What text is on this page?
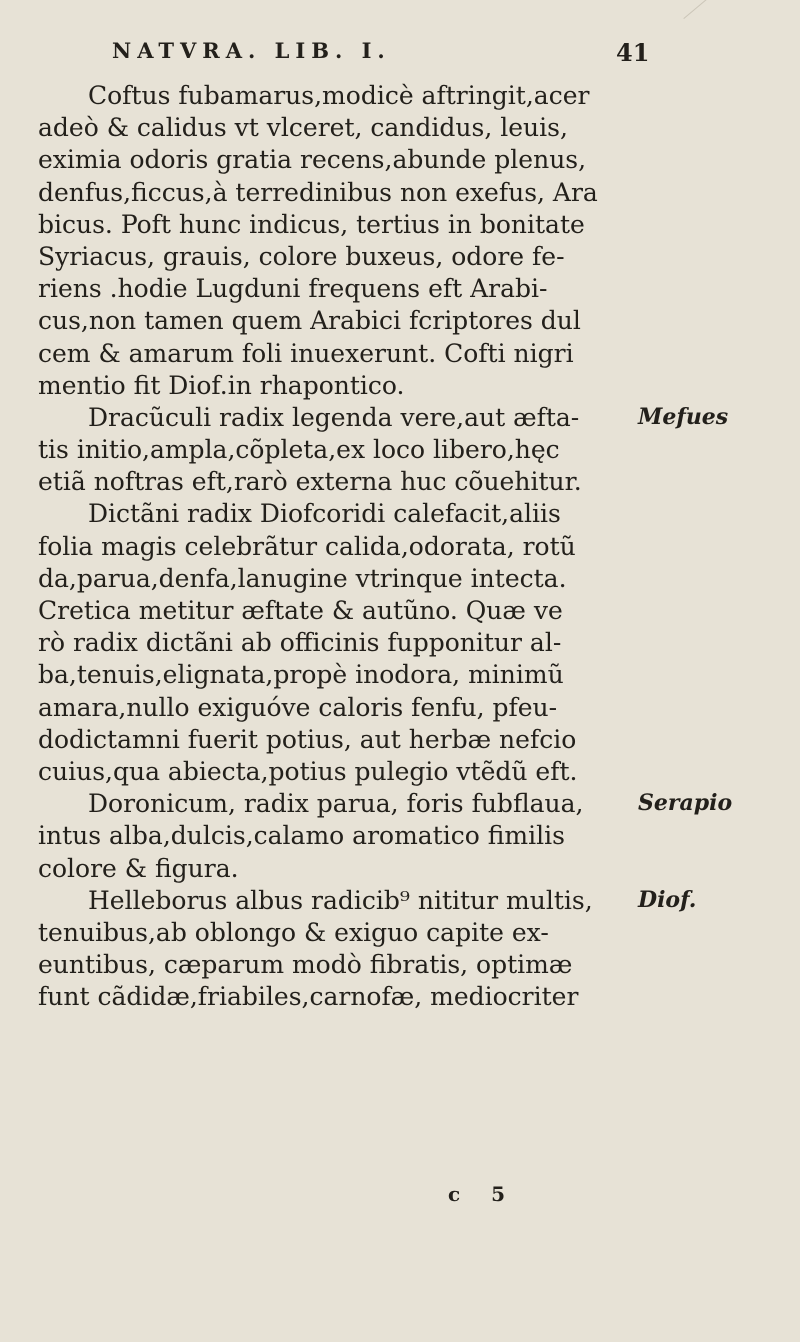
NATVRA. LIB. I.	41
Coftus fubamarus,modicè aftringit,acer
adeò & calidus vt vlceret, candidus, leuis,
eximia odoris gratia recens,abunde plenus,
denfus,ficcus,à terredinibus non exefus, Ara
bicus. Poft hunc indicus, tertius in bonitate
Syriacus, grauis, colore buxeus, odore fe-
riens .hodie Lugduni frequens eft Arabi-
cus,non tamen quem Arabici fcriptores dul
cem & amarum foli inuexerunt. Cofti nigri
mentio fit Diof.in rhapontico.
Dracũculi radix legenda vere,aut æfta-
tis initio,ampla,cõpleta,ex loco libero,hęc
etiã noftras eft,rarò externa huc cõuehitur.
Dictãni radix Diofcoridi calefacit,aliis
folia magis celebrãtur calida,odorata, rotũ
da,parua,denfa,lanugine vtrinque intecta.
Cretica metitur æftate & autũno. Quæ ve
rò radix dictãni ab officinis fupponitur al-
ba,tenuis,elignata,propè inodora, minimũ
amara,nullo exiguóve caloris fenfu, pfeu-
dodictamni fuerit potius, aut herbæ nefcio
cuius,qua abiecta,potius pulegio vtẽdũ eft.
Doronicum, radix parua, foris fubflaua,
intus alba,dulcis,calamo aromatico fimilis
colore & figura.
Helleborus albus radicib⁹ nititur multis,
tenuibus,ab oblongo & exiguo capite ex-
euntibus, cæparum modò fibratis, optimæ
funt cãdidæ,friabiles,carnofæ, mediocriter
Mefues
Serapio
Diof.
c 5
